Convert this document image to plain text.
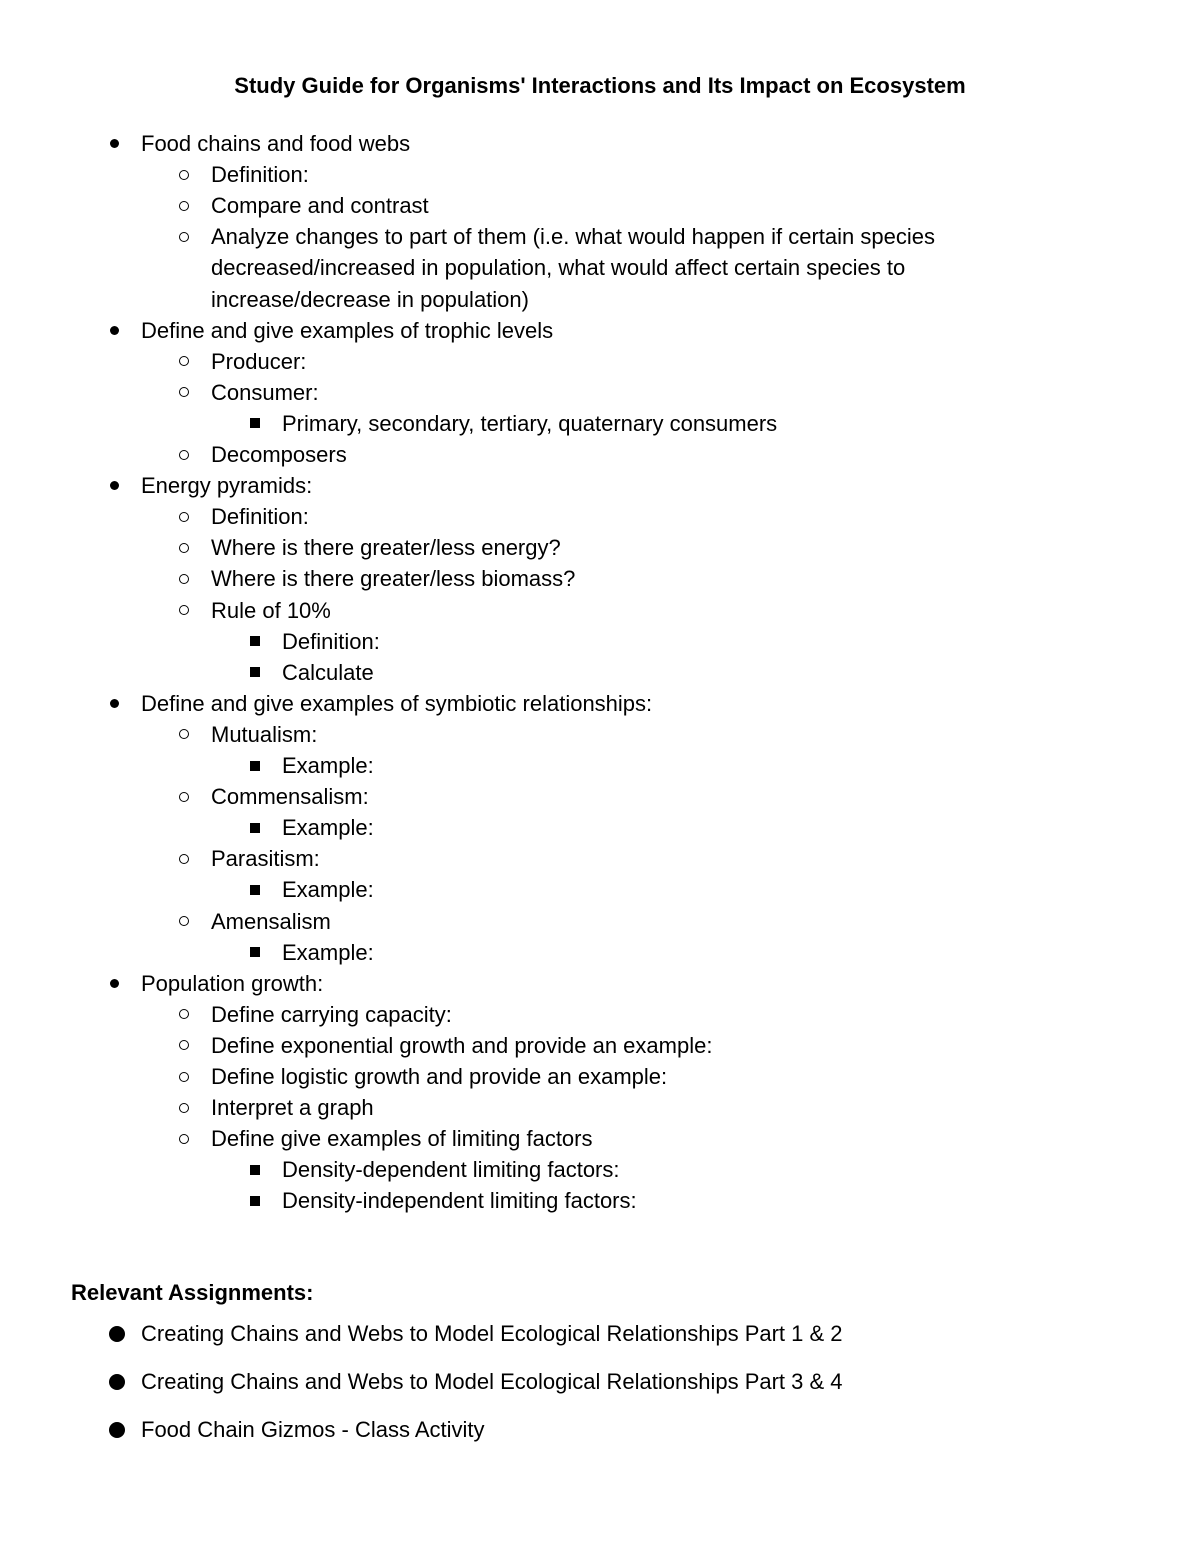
Study Guide for Organisms' Interactions and Its Impact on Ecosystem
Food chains and food webs
Definition:
Compare and contrast
Analyze changes to part of them (i.e. what would happen if certain species
decreased/increased in population, what would affect certain species to
increase/decrease in population)
Define and give examples of trophic levels
Producer:
Consumer:
Primary, secondary, tertiary, quaternary consumers
Decomposers
Energy pyramids:
Definition:
Where is there greater/less energy?
Where is there greater/less biomass?
Rule of 10%
Definition:
Calculate
Define and give examples of symbiotic relationships:
Mutualism:
Example:
Commensalism:
Example:
Parasitism:
Example:
Amensalism
Example:
Population growth:
Define carrying capacity:
Define exponential growth and provide an example:
Define logistic growth and provide an example:
Interpret a graph
Define give examples of limiting factors
Density-dependent limiting factors:
Density-independent limiting factors:
Relevant Assignments:
Creating Chains and Webs to Model Ecological Relationships Part 1 & 2
Creating Chains and Webs to Model Ecological Relationships Part 3 & 4
Food Chain Gizmos - Class Activity
